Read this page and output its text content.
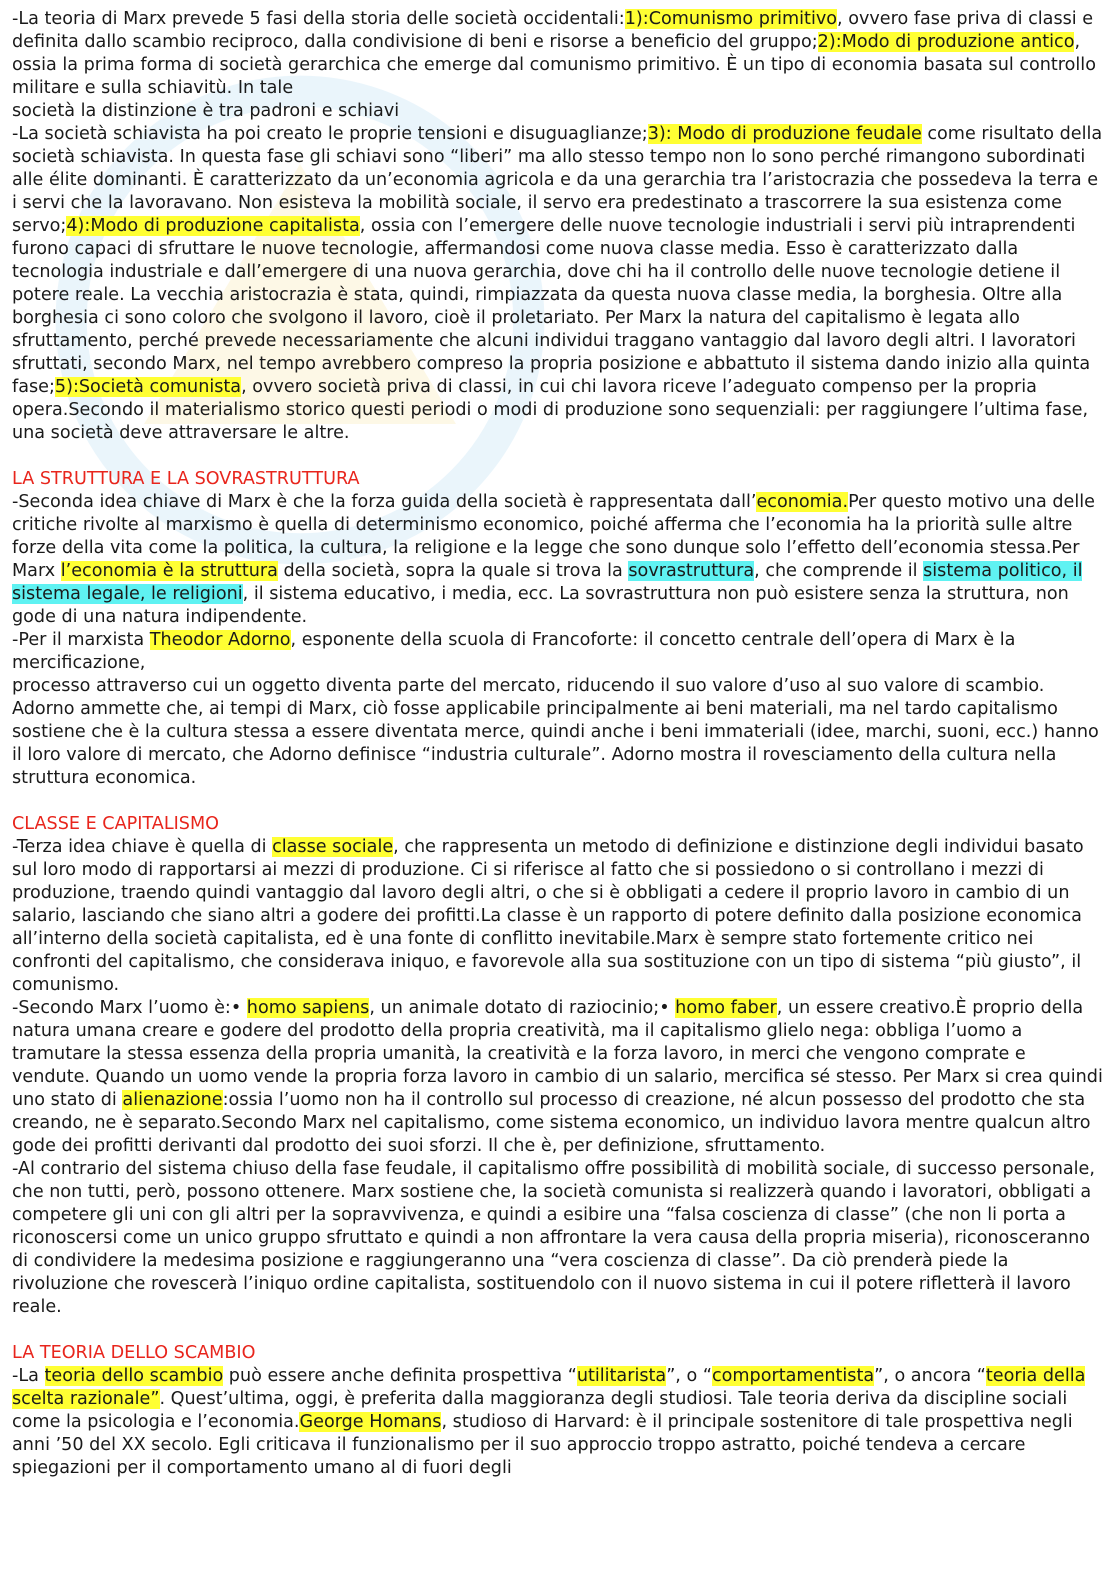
-La teoria di Marx prevede 5 fasi della storia delle società occidentali:1):Comunismo primitivo, ovvero fase priva di classi e definita dallo scambio reciproco, dalla condivisione di beni e risorse a beneficio del gruppo;2):Modo di produzione antico, ossia la prima forma di società gerarchica che emerge dal comunismo primitivo. È un tipo di economia basata sul controllo militare e sulla schiavitù. In tale

società la distinzione è tra padroni e schiavi

-La società schiavista ha poi creato le proprie tensioni e disuguaglianze;3): Modo di produzione feudale come risultato della società schiavista. In questa fase gli schiavi sono “liberi” ma allo stesso tempo non lo sono perché rimangono subordinati alle élite dominanti. È caratterizzato da un’economia agricola e da una gerarchia tra l’aristocrazia che possedeva la terra e i servi che la lavoravano. Non esisteva la mobilità sociale, il servo era predestinato a trascorrere la sua esistenza come servo;4):Modo di produzione capitalista, ossia con l’emergere delle nuove tecnologie industriali i servi più intraprendenti furono capaci di sfruttare le nuove tecnologie, affermandosi come nuova classe media. Esso è caratterizzato dalla tecnologia industriale e dall’emergere di una nuova gerarchia, dove chi ha il controllo delle nuove tecnologie detiene il potere reale. La vecchia aristocrazia è stata, quindi, rimpiazzata da questa nuova classe media, la borghesia. Oltre alla borghesia ci sono coloro che svolgono il lavoro, cioè il proletariato. Per Marx la natura del capitalismo è legata allo sfruttamento, perché prevede necessariamente che alcuni individui traggano vantaggio dal lavoro degli altri. I lavoratori sfruttati, secondo Marx, nel tempo avrebbero compreso la propria posizione e abbattuto il sistema dando inizio alla quinta fase;5):Società comunista, ovvero società priva di classi, in cui chi lavora riceve l’adeguato compenso per la propria opera.Secondo il materialismo storico questi periodi o modi di produzione sono sequenziali: per raggiungere l’ultima fase, una società deve attraversare le altre.

LA STRUTTURA E LA SOVRASTRUTTURA

-Seconda idea chiave di Marx è che la forza guida della società è rappresentata dall’economia.Per questo motivo una delle critiche rivolte al marxismo è quella di determinismo economico, poiché afferma che l’economia ha la priorità sulle altre forze della vita come la politica, la cultura, la religione e la legge che sono dunque solo l’effetto dell’economia stessa.Per Marx l’economia è la struttura della società, sopra la quale si trova la sovrastruttura, che comprende il sistema politico, il sistema legale, le religioni, il sistema educativo, i media, ecc. La sovrastruttura non può esistere senza la struttura, non gode di una natura indipendente.

-Per il marxista Theodor Adorno, esponente della scuola di Francoforte: il concetto centrale dell’opera di Marx è la mercificazione,

processo attraverso cui un oggetto diventa parte del mercato, riducendo il suo valore d’uso al suo valore di scambio. Adorno ammette che, ai tempi di Marx, ciò fosse applicabile principalmente ai beni materiali, ma nel tardo capitalismo sostiene che è la cultura stessa a essere diventata merce, quindi anche i beni immateriali (idee, marchi, suoni, ecc.) hanno il loro valore di mercato, che Adorno definisce “industria culturale”. Adorno mostra il rovesciamento della cultura nella struttura economica.

CLASSE E CAPITALISMO

-Terza idea chiave è quella di classe sociale, che rappresenta un metodo di definizione e distinzione degli individui basato sul loro modo di rapportarsi ai mezzi di produzione. Ci si riferisce al fatto che si possiedono o si controllano i mezzi di produzione, traendo quindi vantaggio dal lavoro degli altri, o che si è obbligati a cedere il proprio lavoro in cambio di un salario, lasciando che siano altri a godere dei profitti.La classe è un rapporto di potere definito dalla posizione economica all’interno della società capitalista, ed è una fonte di conflitto inevitabile.Marx è sempre stato fortemente critico nei confronti del capitalismo, che considerava iniquo, e favorevole alla sua sostituzione con un tipo di sistema “più giusto”, il comunismo.

-Secondo Marx l’uomo è:• homo sapiens, un animale dotato di raziocinio;• homo faber, un essere creativo.È proprio della natura umana creare e godere del prodotto della propria creatività, ma il capitalismo glielo nega: obbliga l’uomo a tramutare la stessa essenza della propria umanità, la creatività e la forza lavoro, in merci che vengono comprate e vendute. Quando un uomo vende la propria forza lavoro in cambio di un salario, mercifica sé stesso. Per Marx si crea quindi uno stato di alienazione:ossia l’uomo non ha il controllo sul processo di creazione, né alcun possesso del prodotto che sta creando, ne è separato.Secondo Marx nel capitalismo, come sistema economico, un individuo lavora mentre qualcun altro gode dei profitti derivanti dal prodotto dei suoi sforzi. Il che è, per definizione, sfruttamento.

-Al contrario del sistema chiuso della fase feudale, il capitalismo offre possibilità di mobilità sociale, di successo personale, che non tutti, però, possono ottenere. Marx sostiene che, la società comunista si realizzerà quando i lavoratori, obbligati a competere gli uni con gli altri per la sopravvivenza, e quindi a esibire una “falsa coscienza di classe” (che non li porta a riconoscersi come un unico gruppo sfruttato e quindi a non affrontare la vera causa della propria miseria), riconosceranno di condividere la medesima posizione e raggiungeranno una “vera coscienza di classe”. Da ciò prenderà piede la rivoluzione che rovescerà l’iniquo ordine capitalista, sostituendolo con il nuovo sistema in cui il potere rifletterà il lavoro reale.

LA TEORIA DELLO SCAMBIO

-La teoria dello scambio può essere anche definita prospettiva “utilitarista”, o “comportamentista”, o ancora “teoria della scelta razionale”. Quest’ultima, oggi, è preferita dalla maggioranza degli studiosi. Tale teoria deriva da discipline sociali come la psicologia e l’economia.George Homans, studioso di Harvard: è il principale sostenitore di tale prospettiva negli anni ’50 del XX secolo. Egli criticava il funzionalismo per il suo approccio troppo astratto, poiché tendeva a cercare spiegazioni per il comportamento umano al di fuori degli
